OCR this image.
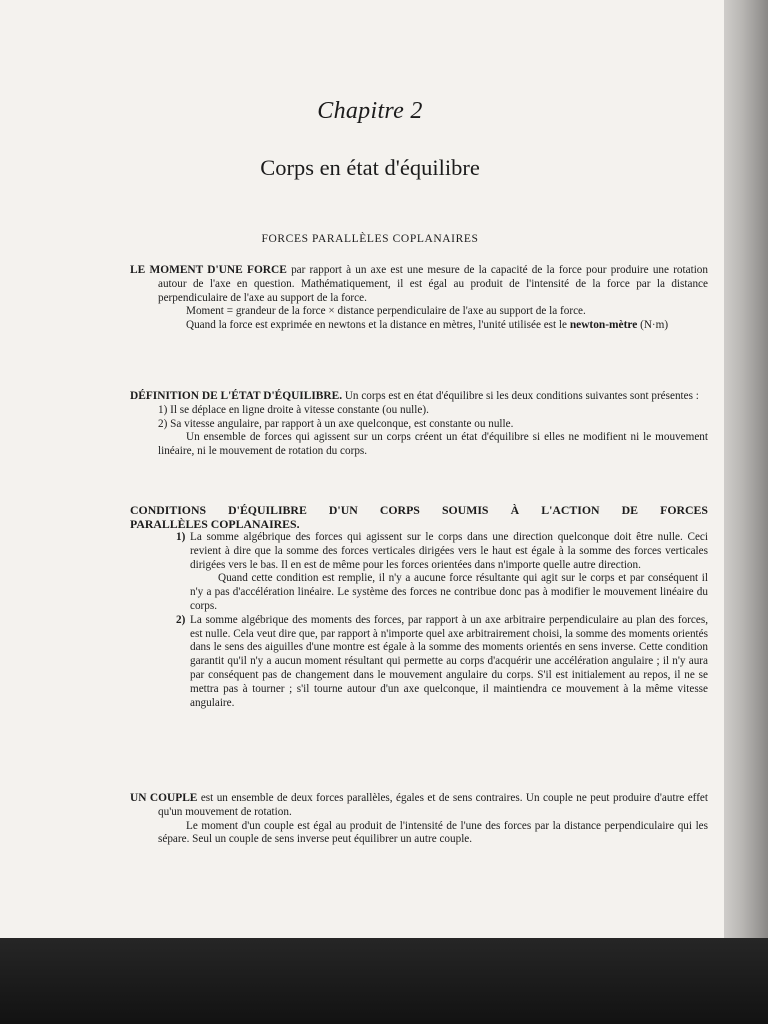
Chapitre 2
Corps en état d'équilibre
FORCES PARALLÈLES COPLANAIRES

LE MOMENT D'UNE FORCE par rapport à un axe est une mesure de la capacité de la force pour produire une rotation autour de l'axe en question. Mathématiquement, il est égal au produit de l'intensité de la force par la distance perpendiculaire de l'axe au support de la force.

Moment = grandeur de la force × distance perpendiculaire de l'axe au support de la force.

Quand la force est exprimée en newtons et la distance en mètres, l'unité utilisée est le newton-mètre (N·m)

DÉFINITION DE L'ÉTAT D'ÉQUILIBRE. Un corps est en état d'équilibre si les deux conditions suivantes sont présentes :

1) Il se déplace en ligne droite à vitesse constante (ou nulle).

2) Sa vitesse angulaire, par rapport à un axe quelconque, est constante ou nulle.

Un ensemble de forces qui agissent sur un corps créent un état d'équilibre si elles ne modifient ni le mouvement linéaire, ni le mouvement de rotation du corps.

CONDITIONS D'ÉQUILIBRE D'UN CORPS SOUMIS À L'ACTION DE FORCES

PARALLÈLES COPLANAIRES.

1) La somme algébrique des forces qui agissent sur le corps dans une direction quelconque doit être nulle. Ceci revient à dire que la somme des forces verticales dirigées vers le haut est égale à la somme des forces verticales dirigées vers le bas. Il en est de même pour les forces orientées dans n'importe quelle autre direction.

Quand cette condition est remplie, il n'y a aucune force résultante qui agit sur le corps et par conséquent il n'y a pas d'accélération linéaire. Le système des forces ne contribue donc pas à modifier le mouvement linéaire du corps.

2) La somme algébrique des moments des forces, par rapport à un axe arbitraire perpendiculaire au plan des forces, est nulle. Cela veut dire que, par rapport à n'importe quel axe arbitrairement choisi, la somme des moments orientés dans le sens des aiguilles d'une montre est égale à la somme des moments orientés en sens inverse. Cette condition garantit qu'il n'y a aucun moment résultant qui permette au corps d'acquérir une accélération angulaire ; il n'y aura par conséquent pas de changement dans le mouvement angulaire du corps. S'il est initialement au repos, il ne se mettra pas à tourner ; s'il tourne autour d'un axe quelconque, il maintiendra ce mouvement à la même vitesse angulaire.

UN COUPLE est un ensemble de deux forces parallèles, égales et de sens contraires. Un couple ne peut produire d'autre effet qu'un mouvement de rotation.

Le moment d'un couple est égal au produit de l'intensité de l'une des forces par la distance perpendiculaire qui les sépare. Seul un couple de sens inverse peut équilibrer un autre couple.
